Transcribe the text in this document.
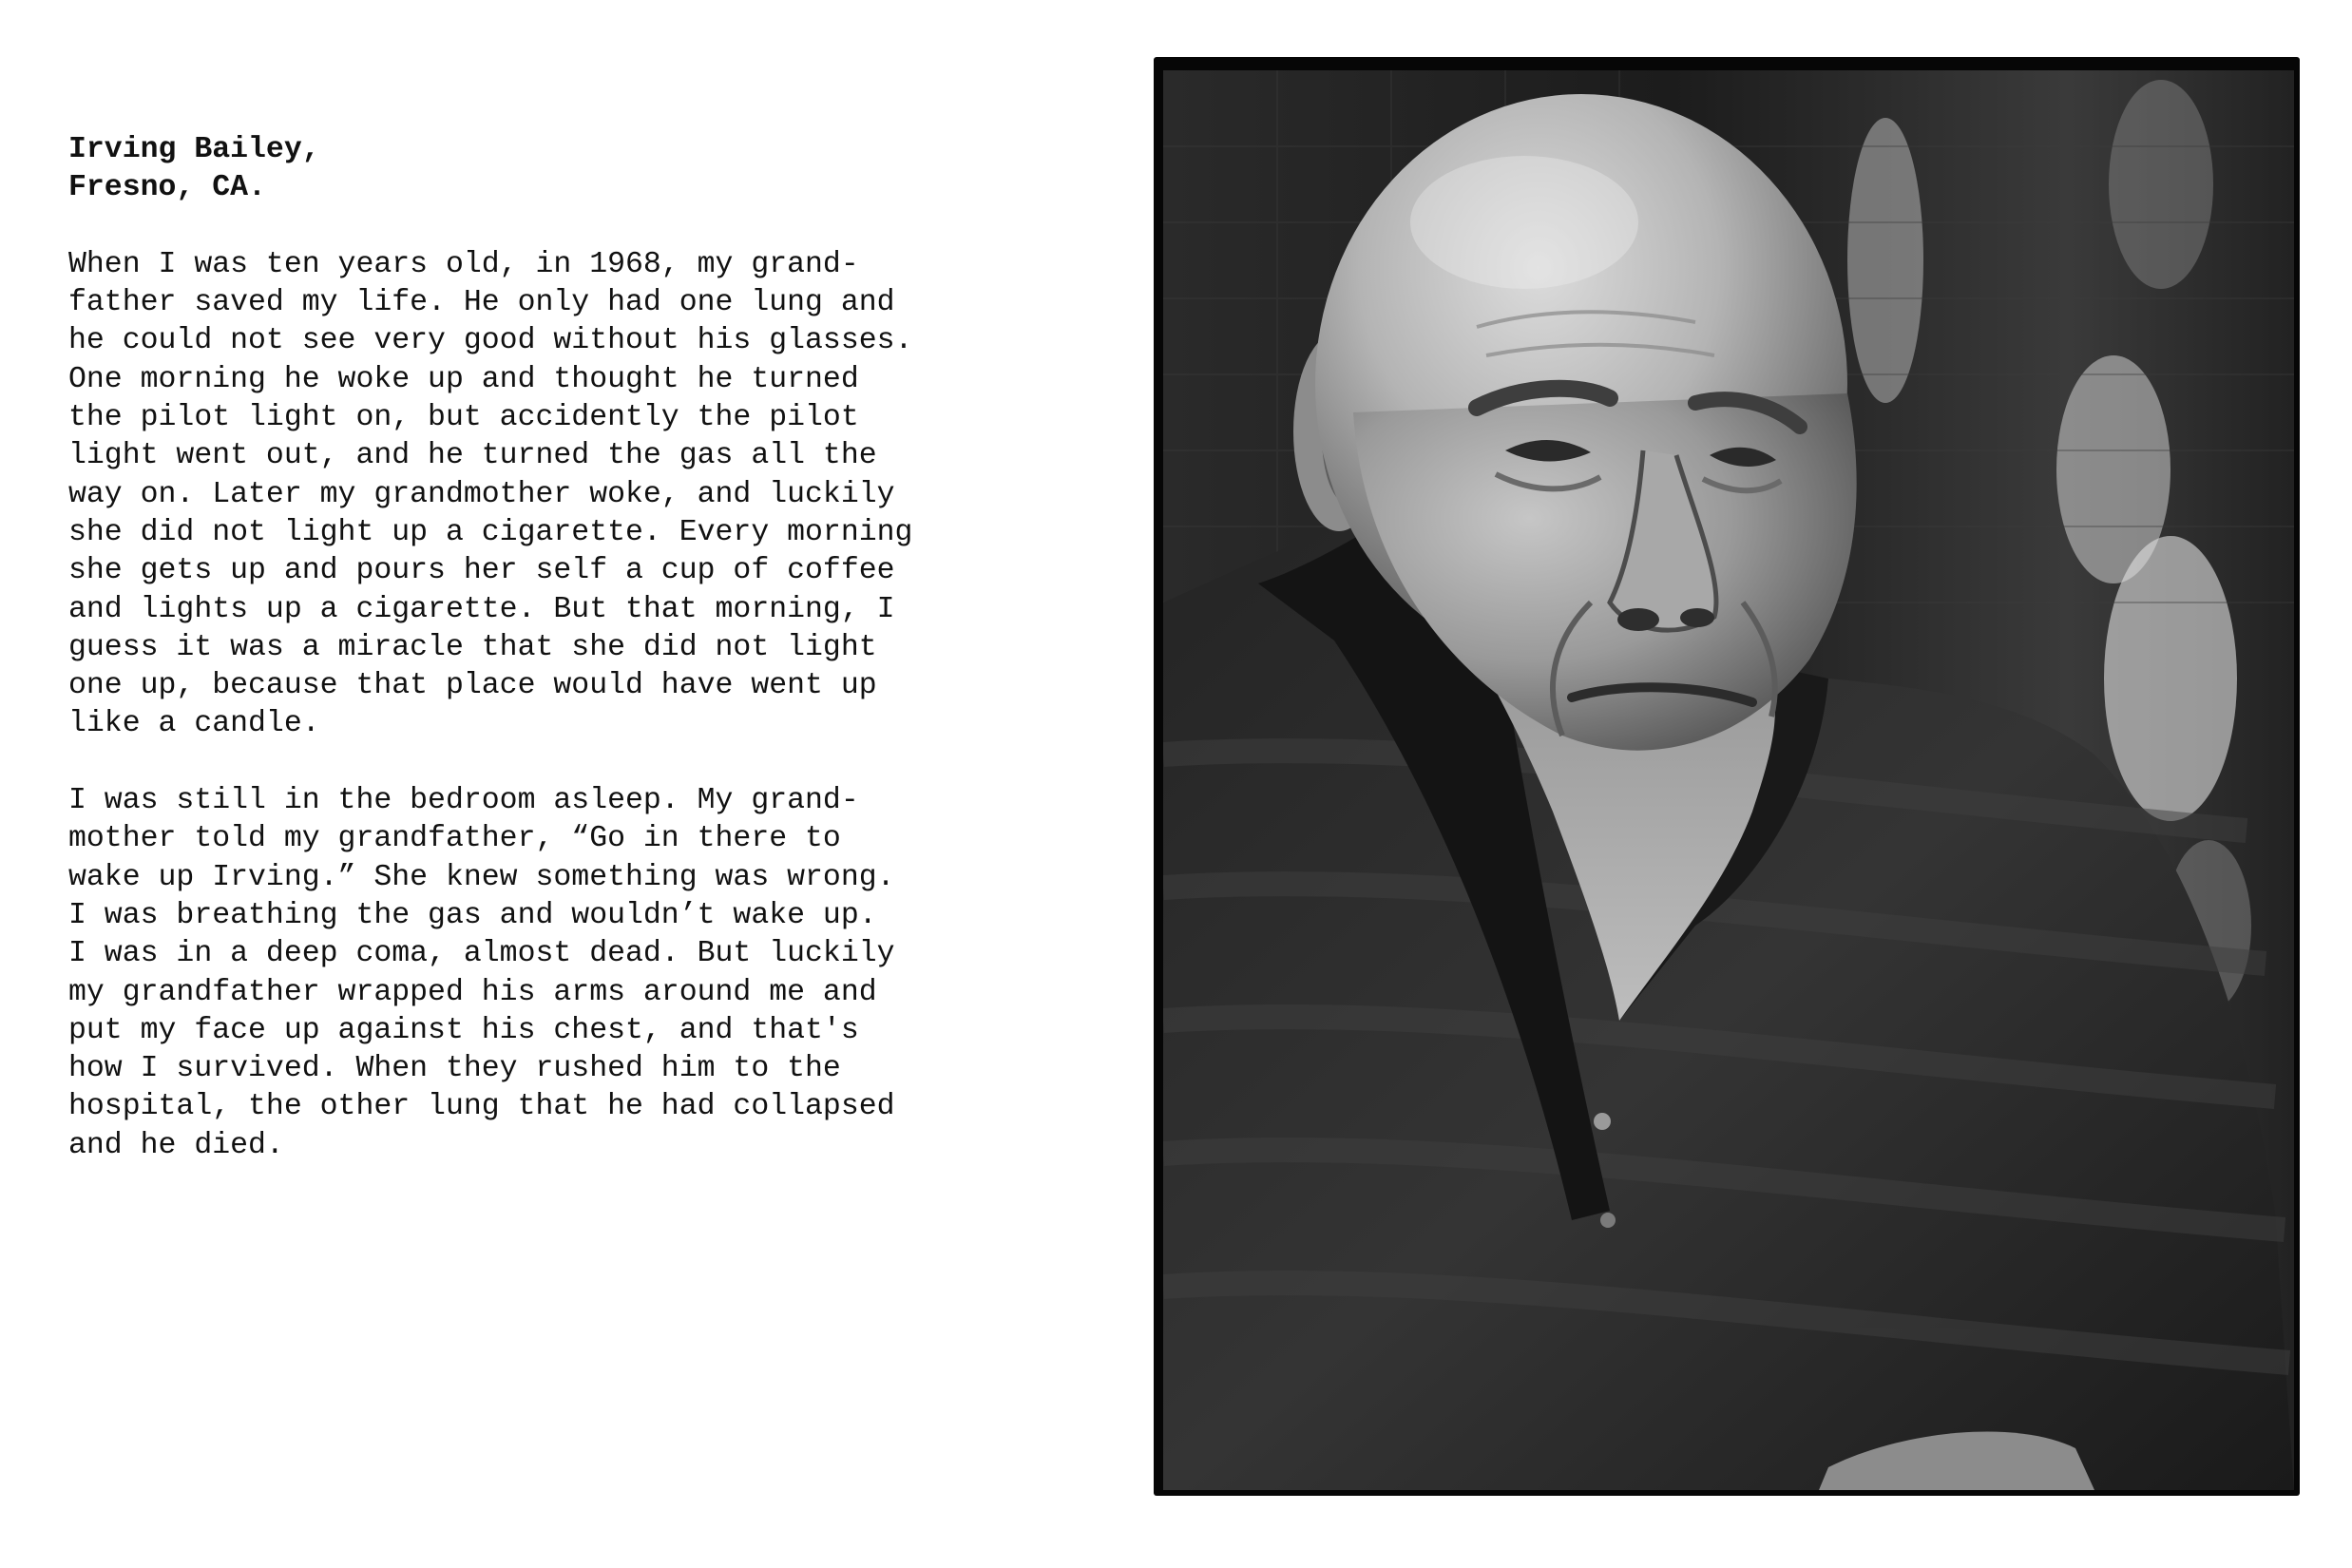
Irving Bailey,
Fresno, CA.
When I was ten years old, in 1968, my grand-
father saved my life. He only had one lung and
he could not see very good without his glasses.
One morning he woke up and thought he turned
the pilot light on, but accidently the pilot
light went out, and he turned the gas all the
way on. Later my grandmother woke, and luckily
she did not light up a cigarette. Every morning
she gets up and pours her self a cup of coffee
and lights up a cigarette. But that morning, I
guess it was a miracle that she did not light
one up, because that place would have went up
like a candle.
I was still in the bedroom asleep. My grand-
mother told my grandfather, “Go in there to
wake up Irving.” She knew something was wrong.
I was breathing the gas and wouldn’t wake up.
I was in a deep coma, almost dead. But luckily
my grandfather wrapped his arms around me and
put my face up against his chest, and that's
how I survived. When they rushed him to the
hospital, the other lung that he had collapsed
and he died.
